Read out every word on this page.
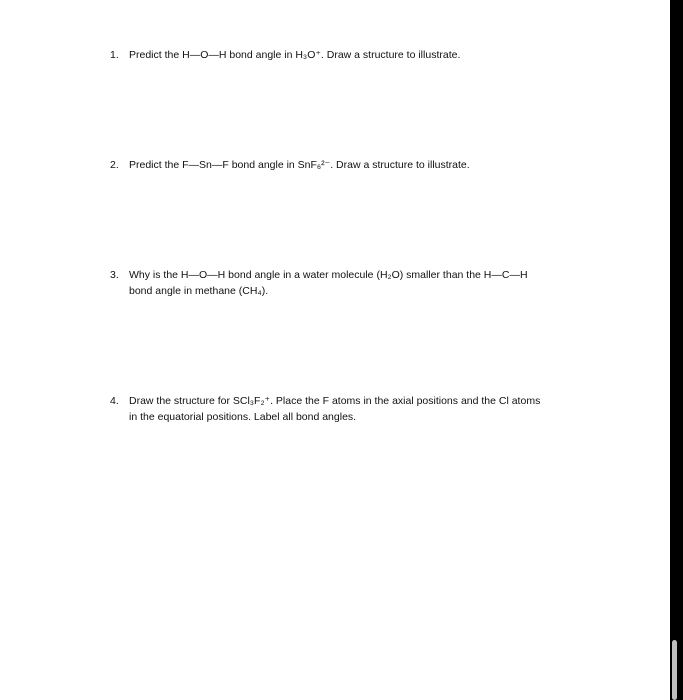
1. Predict the H—O—H bond angle in H₃O⁺. Draw a structure to illustrate.
2. Predict the F—Sn—F bond angle in SnF₆²⁻. Draw a structure to illustrate.
3. Why is the H—O—H bond angle in a water molecule (H₂O) smaller than the H—C—H
bond angle in methane (CH₄).
4. Draw the structure for SCl₃F₂⁺. Place the F atoms in the axial positions and the Cl atoms
in the equatorial positions. Label all bond angles.
